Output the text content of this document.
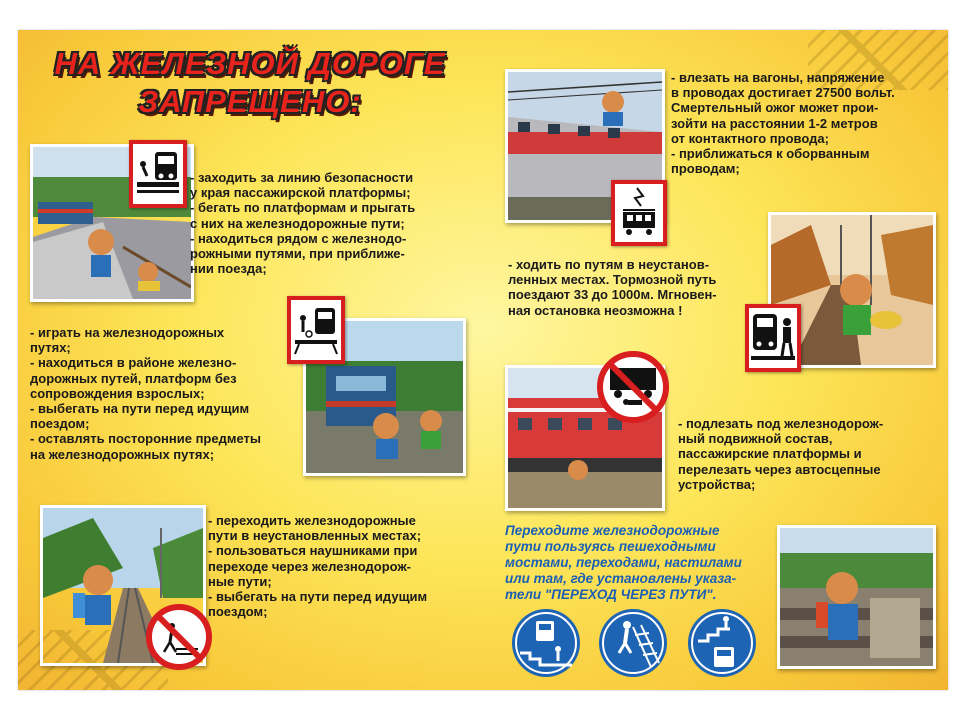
НА ЖЕЛЕЗНОЙ ДОРОГЕ
ЗАПРЕЩЕНО:
- заходить за линию безопасности
у края пассажирской платформы;
- бегать по платформам и прыгать
с них на железнодорожные пути;
- находиться рядом с железнодо-
рожными путями, при приближе-
нии поезда;
- играть на железнодорожных
путях;
- находиться в районе железно-
дорожных путей, платформ без
сопровождения взрослых;
- выбегать на пути перед идущим
поездом;
- оставлять посторонние предметы
на железнодорожных путях;
- переходить железнодорожные
пути в неустановленных местах;
- пользоваться наушниками при
переходе через железнодорож-
ные пути;
- выбегать на пути перед идущим
поездом;
- влезать на вагоны, напряжение
в проводах достигает 27500 вольт.
Смертельный ожог может прои-
зойти на расстоянии 1-2 метров
от контактного провода;
- приближаться к оборванным
проводам;
- ходить по путям в неустанов-
ленных местах. Тормозной путь
поездают 33 до 1000м. Мгновен-
ная остановка неозможна !
- подлезать под железнодорож-
ный подвижной состав,
пассажирские платформы и
перелезать через автосцепные
устройства;
Переходите железнодорожные
пути пользуясь пешеходными
мостами, переходами, настилами
или там, где установлены указа-
тели "ПЕРЕХОД ЧЕРЕЗ ПУТИ".
